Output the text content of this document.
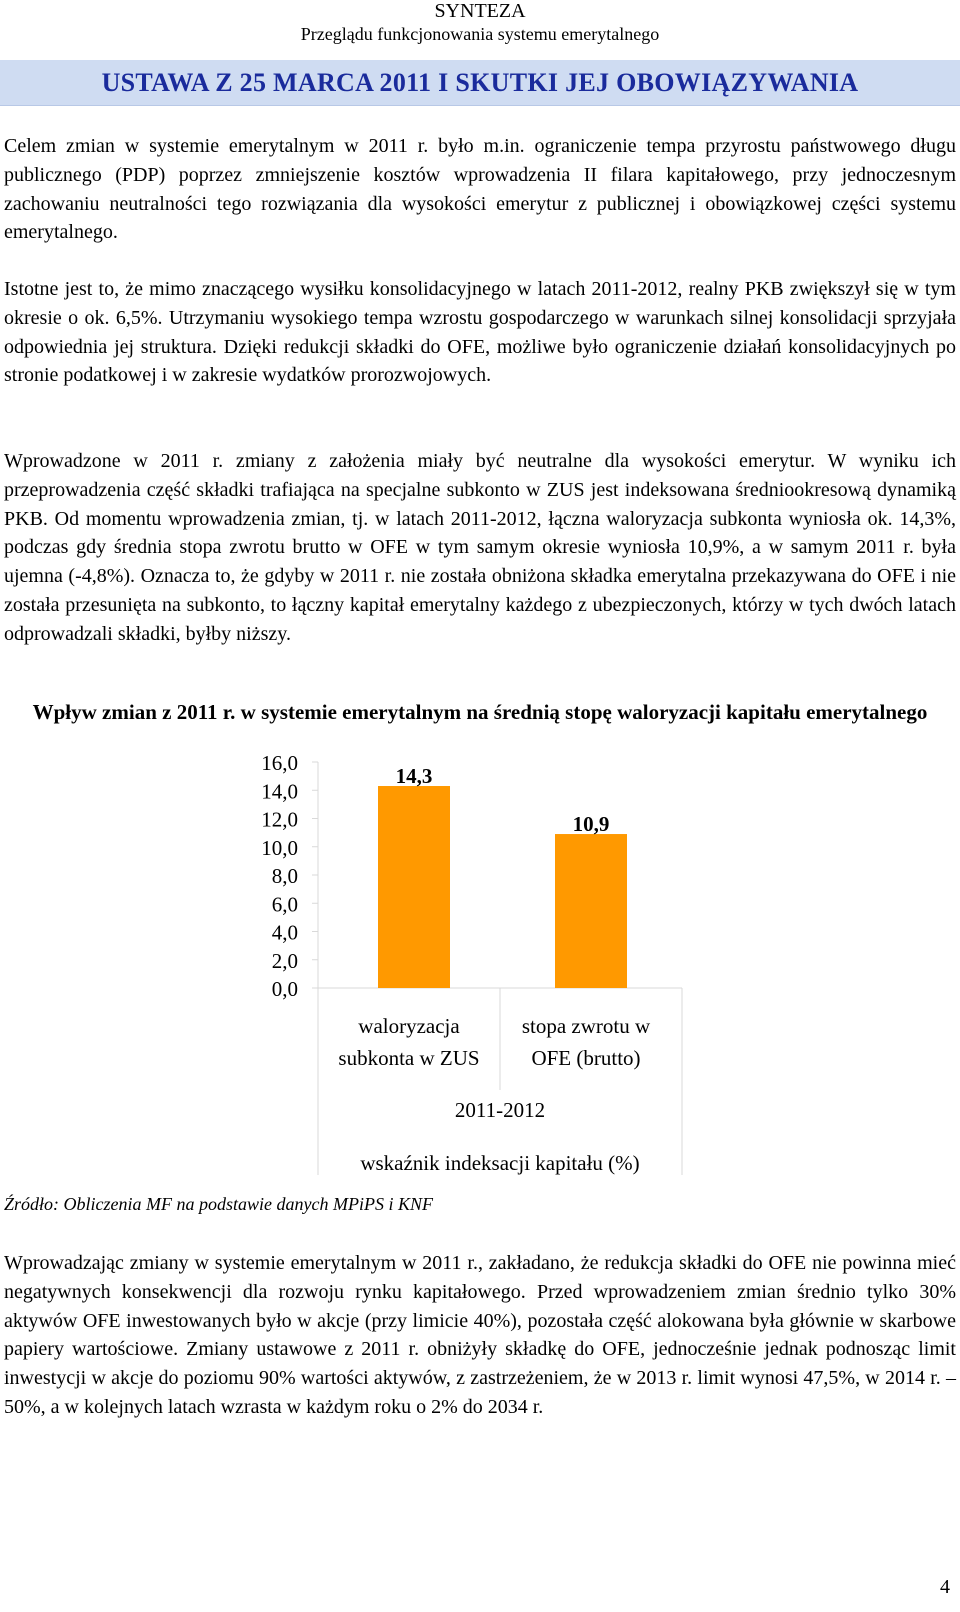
SYNTEZA
Przeglądu funkcjonowania systemu emerytalnego
USTAWA Z 25 MARCA 2011 I SKUTKI JEJ OBOWIĄZYWANIA

Celem zmian w systemie emerytalnym w 2011 r. było m.in. ograniczenie tempa przyrostu państwowego długu publicznego (PDP) poprzez zmniejszenie kosztów wprowadzenia II filara kapitałowego, przy jednoczesnym zachowaniu neutralności tego rozwiązania dla wysokości emerytur z publicznej i obowiązkowej części systemu emerytalnego.

Istotne jest to, że mimo znaczącego wysiłku konsolidacyjnego w latach 2011-2012, realny PKB zwiększył się w tym okresie o ok. 6,5%. Utrzymaniu wysokiego tempa wzrostu gospodarczego w warunkach silnej konsolidacji sprzyjała odpowiednia jej struktura. Dzięki redukcji składki do OFE, możliwe było ograniczenie działań konsolidacyjnych po stronie podatkowej i w zakresie wydatków prorozwojowych.

Wprowadzone w 2011 r. zmiany z założenia miały być neutralne dla wysokości emerytur. W wyniku ich przeprowadzenia część składki trafiająca na specjalne subkonto w ZUS jest indeksowana średniookresową dynamiką PKB. Od momentu wprowadzenia zmian, tj. w latach 2011-2012, łączna waloryzacja subkonta wyniosła ok. 14,3%, podczas gdy średnia stopa zwrotu brutto w OFE w tym samym okresie wyniosła 10,9%, a w samym 2011 r. była ujemna (-4,8%). Oznacza to, że gdyby w 2011 r. nie została obniżona składka emerytalna przekazywana do OFE i nie została przesunięta na subkonto, to łączny kapitał emerytalny każdego z ubezpieczonych, którzy w tych dwóch latach odprowadzali składki, byłby niższy.

Wpływ zmian z 2011 r. w systemie emerytalnym na średnią stopę waloryzacji kapitału emerytalnego
0,0
2,0
4,0
6,0
8,0
10,0
12,0
14,0
16,0
14,3
10,9
waloryzacja
subkonta w ZUS
stopa zwrotu w
OFE (brutto)
2011-2012
wskaźnik indeksacji kapitału (%)
Źródło: Obliczenia MF na podstawie danych MPiPS i KNF

Wprowadzając zmiany w systemie emerytalnym w 2011 r., zakładano, że redukcja składki do OFE nie powinna mieć negatywnych konsekwencji dla rozwoju rynku kapitałowego. Przed wprowadzeniem zmian średnio tylko 30% aktywów OFE inwestowanych było w akcje (przy limicie 40%), pozostała część alokowana była głównie w skarbowe papiery wartościowe. Zmiany ustawowe z 2011 r. obniżyły składkę do OFE, jednocześnie jednak podnosząc limit inwestycji w akcje do poziomu 90% wartości aktywów, z zastrzeżeniem, że w 2013 r. limit wynosi 47,5%, w 2014 r. – 50%, a w kolejnych latach wzrasta w każdym roku o 2% do 2034 r.

4
